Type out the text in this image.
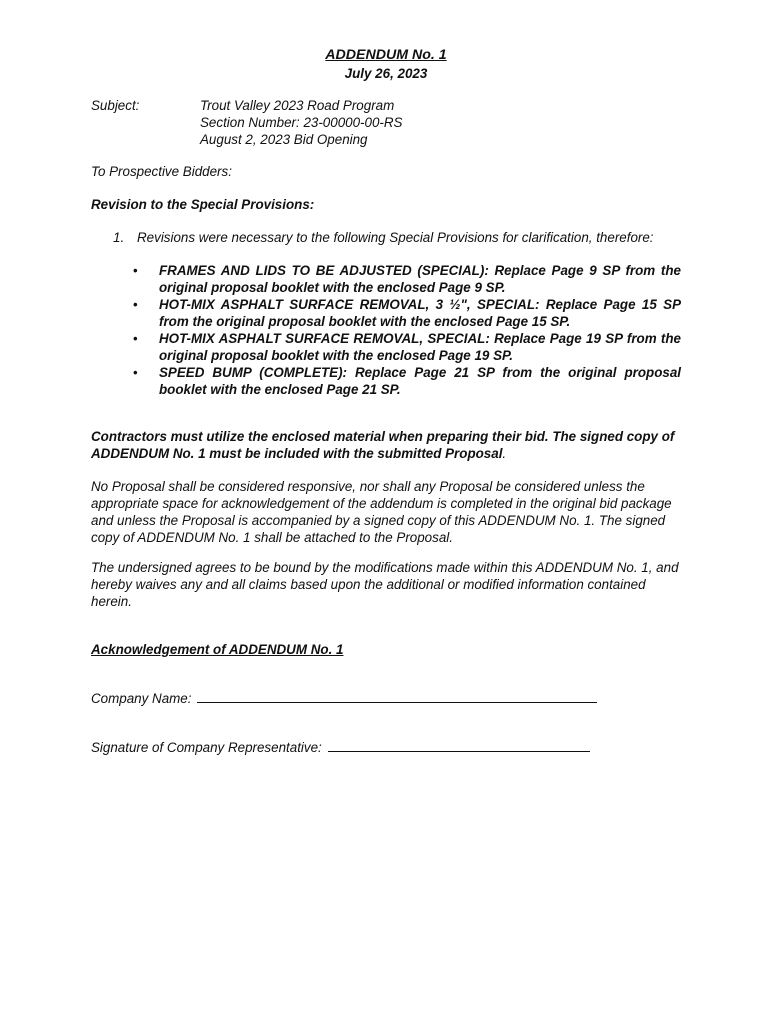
ADDENDUM No. 1
July 26, 2023
Subject:	Trout Valley 2023 Road Program
Section Number: 23-00000-00-RS
August 2, 2023 Bid Opening
To Prospective Bidders:
Revision to the Special Provisions:
1. Revisions were necessary to the following Special Provisions for clarification, therefore:
• FRAMES AND LIDS TO BE ADJUSTED (SPECIAL): Replace Page 9 SP from the original proposal booklet with the enclosed Page 9 SP.
• HOT-MIX ASPHALT SURFACE REMOVAL, 3 ½", SPECIAL: Replace Page 15 SP from the original proposal booklet with the enclosed Page 15 SP.
• HOT-MIX ASPHALT SURFACE REMOVAL, SPECIAL: Replace Page 19 SP from the original proposal booklet with the enclosed Page 19 SP.
• SPEED BUMP (COMPLETE): Replace Page 21 SP from the original proposal booklet with the enclosed Page 21 SP.
Contractors must utilize the enclosed material when preparing their bid. The signed copy of ADDENDUM No. 1 must be included with the submitted Proposal.
No Proposal shall be considered responsive, nor shall any Proposal be considered unless the appropriate space for acknowledgement of the addendum is completed in the original bid package and unless the Proposal is accompanied by a signed copy of this ADDENDUM No. 1. The signed copy of ADDENDUM No. 1 shall be attached to the Proposal.
The undersigned agrees to be bound by the modifications made within this ADDENDUM No. 1, and hereby waives any and all claims based upon the additional or modified information contained herein.
Acknowledgement of ADDENDUM No. 1
Company Name:
Signature of Company Representative:
